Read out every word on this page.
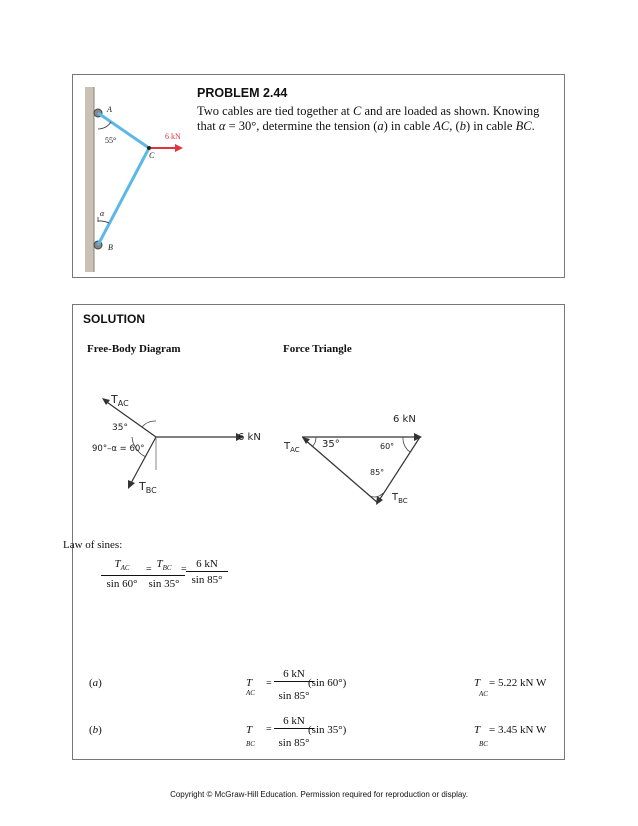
A
55°	6 kN
C
α
B
PROBLEM 2.44
Two cables are tied together at C and are loaded as shown. Knowing that α = 30°, determine the tension (a) in cable AC, (b) in cable BC.
SOLUTION
Free-Body Diagram	Force Triangle
$T_{AC}$
35°
90°–α = 60°
6 kN
$T_{BC}$
6 kN
$T_{AC}$ 35°	60°
85°
$T_{BC}$
Law of sines:
$T_{AC}$
sin 60°
= $T_{BC}$
sin 35°
= $\frac{6 kN}{\sin 85^\circ}$
(a)	T
AC
= $\frac{6 kN}{\sin 85^\circ}$
(sin 60°)	T
AC
= 5.22 kN W
(b)	T
BC
= $\frac{6 kN}{\sin 85^\circ}$
(sin 35°)	T
BC
= 3.45 kN W
Copyright © McGraw-Hill Education. Permission required for reproduction or display.
